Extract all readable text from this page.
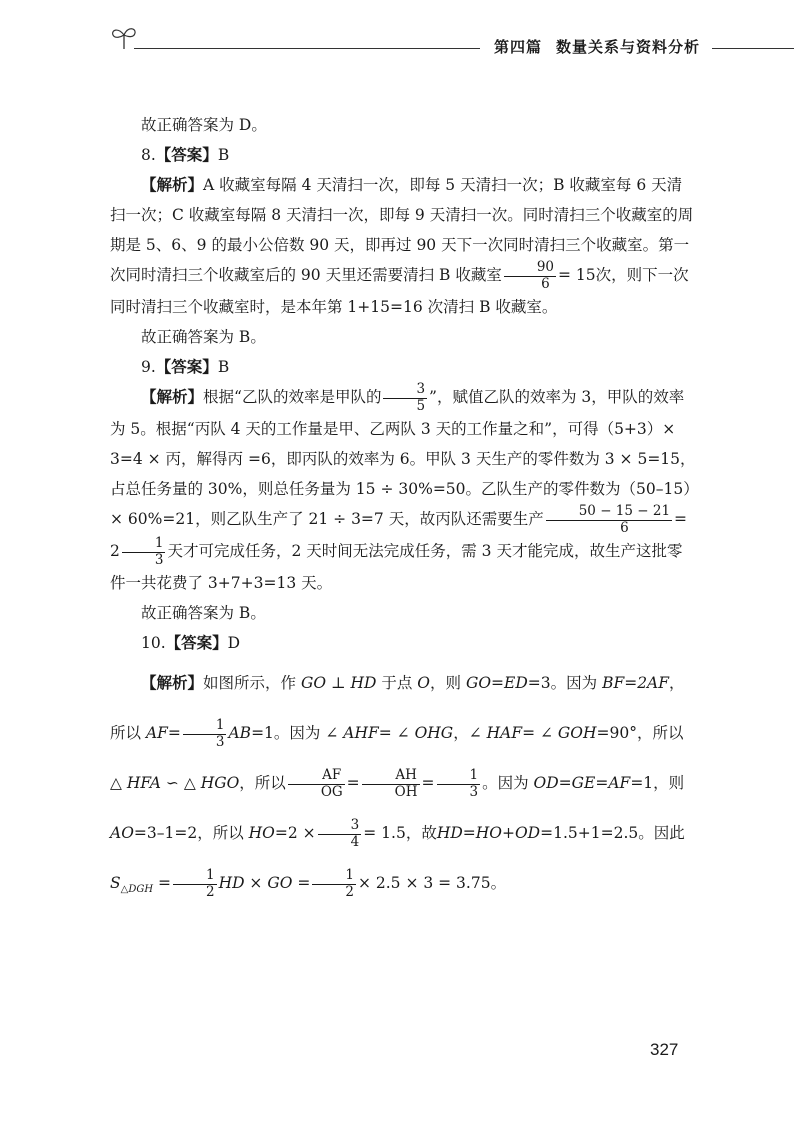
第四篇 数量关系与资料分析

故正确答案为 D。

8.【答案】B

【解析】A 收藏室每隔 4 天清扫一次，即每 5 天清扫一次；B 收藏室每 6 天清扫一次；C 收藏室每隔 8 天清扫一次，即每 9 天清扫一次。同时清扫三个收藏室的周期是 5、6、9 的最小公倍数 90 天，即再过 90 天下一次同时清扫三个收藏室。第一次同时清扫三个收藏室后的 90 天里还需要清扫 B 收藏室 $\frac{90}{6} = 15$次，则下一次同时清扫三个收藏室时，是本年第 1+15=16 次清扫 B 收藏室。

故正确答案为 B。

9.【答案】B

【解析】根据“乙队的效率是甲队的 $\frac{3}{5}$ ”，赋值乙队的效率为 3，甲队的效率为 5。根据“丙队 4 天的工作量是甲、乙两队 3 天的工作量之和”，可得（5+3）× 3=4 × 丙，解得丙 =6，即丙队的效率为 6。甲队 3 天生产的零件数为 3 × 5=15，占总任务量的 30%，则总任务量为 15 ÷ 30%=50。乙队生产的零件数为（50–15）× 60%=21，则乙队生产了 21 ÷ 3=7 天，故丙队还需要生产 $\frac{50 - 15 - 21}{6} = 2 \frac{1}{3}$ 天才可完成任务，2 天时间无法完成任务，需 3 天才能完成，故生产这批零件一共花费了 3+7+3=13 天。

故正确答案为 B。

10.【答案】D

【解析】如图所示，作 GO ⊥ HD 于点 O，则 GO=ED=3。因为 BF=2AF，所以 $AF= \frac{1}{3} AB=1$。因为 ∠ AHF= ∠ OHG，∠ HAF= ∠ GOH=90°，所以 △ HFA ∽ △ HGO，所以 $\frac{AF}{OG} = \frac{AH}{OH} = \frac{1}{3}$ 。因为 OD=GE=AF=1，则 AO=3–1=2，所以 $HO=2 \times \frac{3}{4} = 1.5$，故HD=HO+OD=1.5+1=2.5。因此$S_{\triangle DGH} = \frac{1}{2}$ HD × GO = $\frac{1}{2} \times 2.5 \times 3 = 3.75$。

327
